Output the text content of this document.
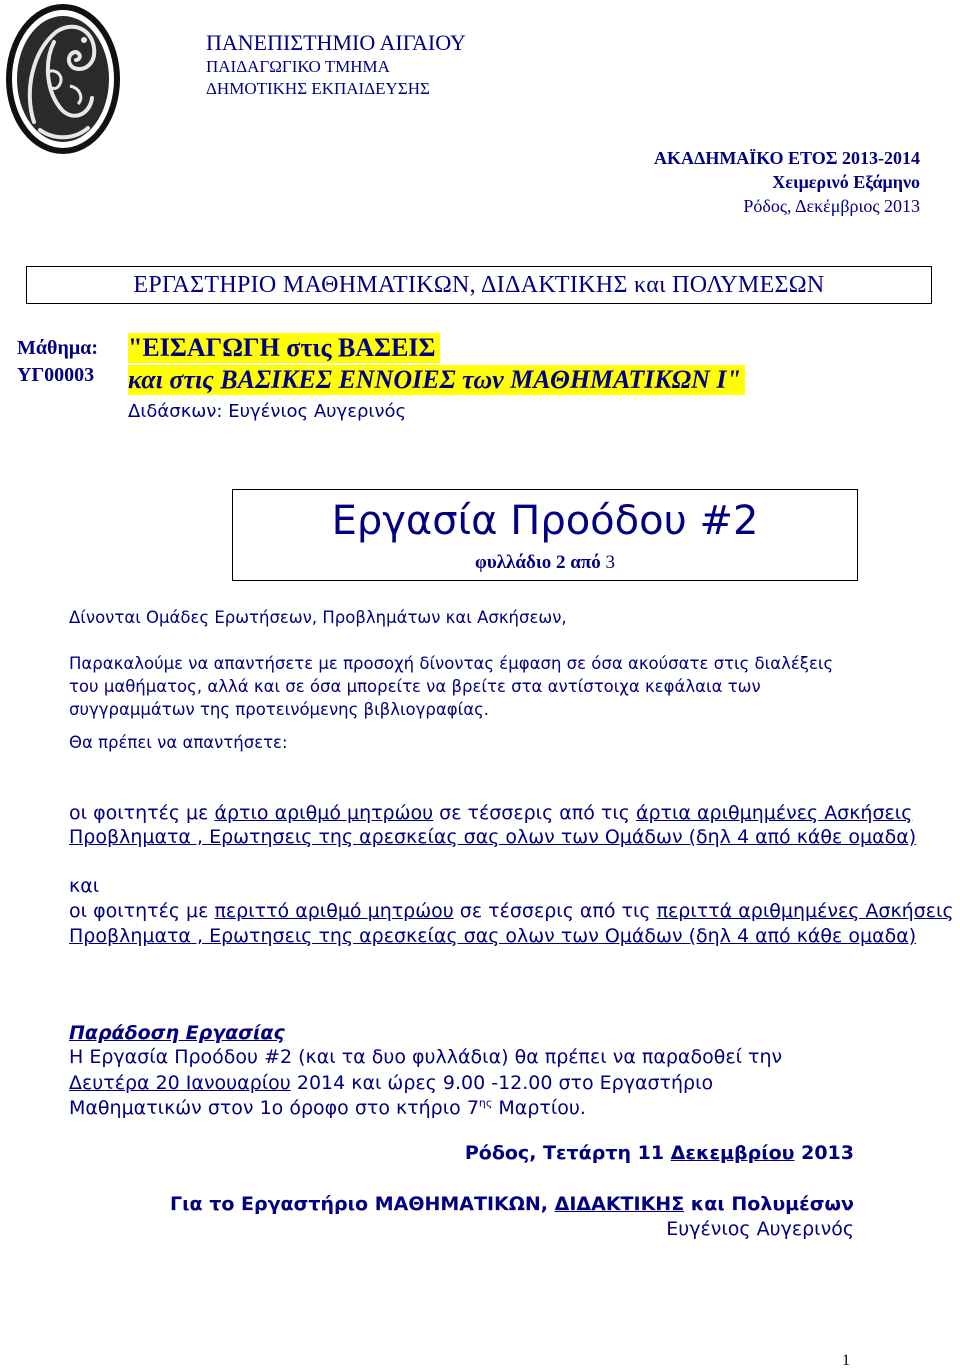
ΠΑΝΕΠΙΣΤΗΜΙΟ ΑΙΓΑΙΟΥ
ΠΑΙΔΑΓΩΓΙΚΟ ΤΜΗΜΑ
ΔΗΜΟΤΙΚΗΣ ΕΚΠΑΙΔΕΥΣΗΣ
ΑΚΑΔΗΜΑΪΚΟ ΕΤΟΣ 2013-2014
Χειμερινό Εξάμηνο
Ρόδος, Δεκέμβριος 2013
ΕΡΓΑΣΤΗΡΙΟ ΜΑΘΗΜΑΤΙΚΩΝ, ΔΙΔΑΚΤΙΚΗΣ και ΠΟΛΥΜΕΣΩΝ
Μάθημα:
ΥΓ00003
"ΕΙΣΑΓΩΓΗ στις ΒΑΣΕΙΣ
και στις ΒΑΣΙΚΕΣ ΕΝΝΟΙΕΣ των ΜΑΘΗΜΑΤΙΚΩΝ Ι"
Διδάσκων: Ευγένιος Αυγερινός
Εργασία Προόδου #2
φυλλάδιο 2 από 3
Δίνονται Ομάδες Ερωτήσεων, Προβλημάτων και Ασκήσεων,
Παρακαλούμε να απαντήσετε με προσοχή δίνοντας έμφαση σε όσα ακούσατε στις διαλέξεις του μαθήματος, αλλά και σε όσα μπορείτε να βρείτε στα αντίστοιχα κεφάλαια των συγγραμμάτων της προτεινόμενης βιβλιογραφίας.
Θα πρέπει να απαντήσετε:
οι φοιτητές με άρτιο αριθμό μητρώου σε τέσσερις από τις άρτια αριθμημένες Ασκήσεις
Προβληματα , Ερωτησεις της αρεσκείας σας ολων των Ομάδων (δηλ 4 από κάθε ομαδα)
και
οι φοιτητές με περιττό αριθμό μητρώου σε τέσσερις από τις περιττά αριθμημένες Ασκήσεις
Προβληματα , Ερωτησεις της αρεσκείας σας ολων των Ομάδων (δηλ 4 από κάθε ομαδα)
Παράδοση Εργασίας
Η Εργασία Προόδου #2 (και τα δυο φυλλάδια) θα πρέπει να παραδοθεί την Δευτέρα 20 Ιανουαρίου 2014 και ώρες 9.00 -12.00 στο Εργαστήριο Μαθηματικών στον 1ο όροφο στο κτήριο $7^{\eta\varsigma}$ Μαρτίου.
Ρόδος, Τετάρτη 11 Δεκεμβρίου 2013
Για το Εργαστήριο ΜΑΘΗΜΑΤΙΚΩΝ, ΔΙΔΑΚΤΙΚΗΣ και Πολυμέσων
Ευγένιος Αυγερινός
1
